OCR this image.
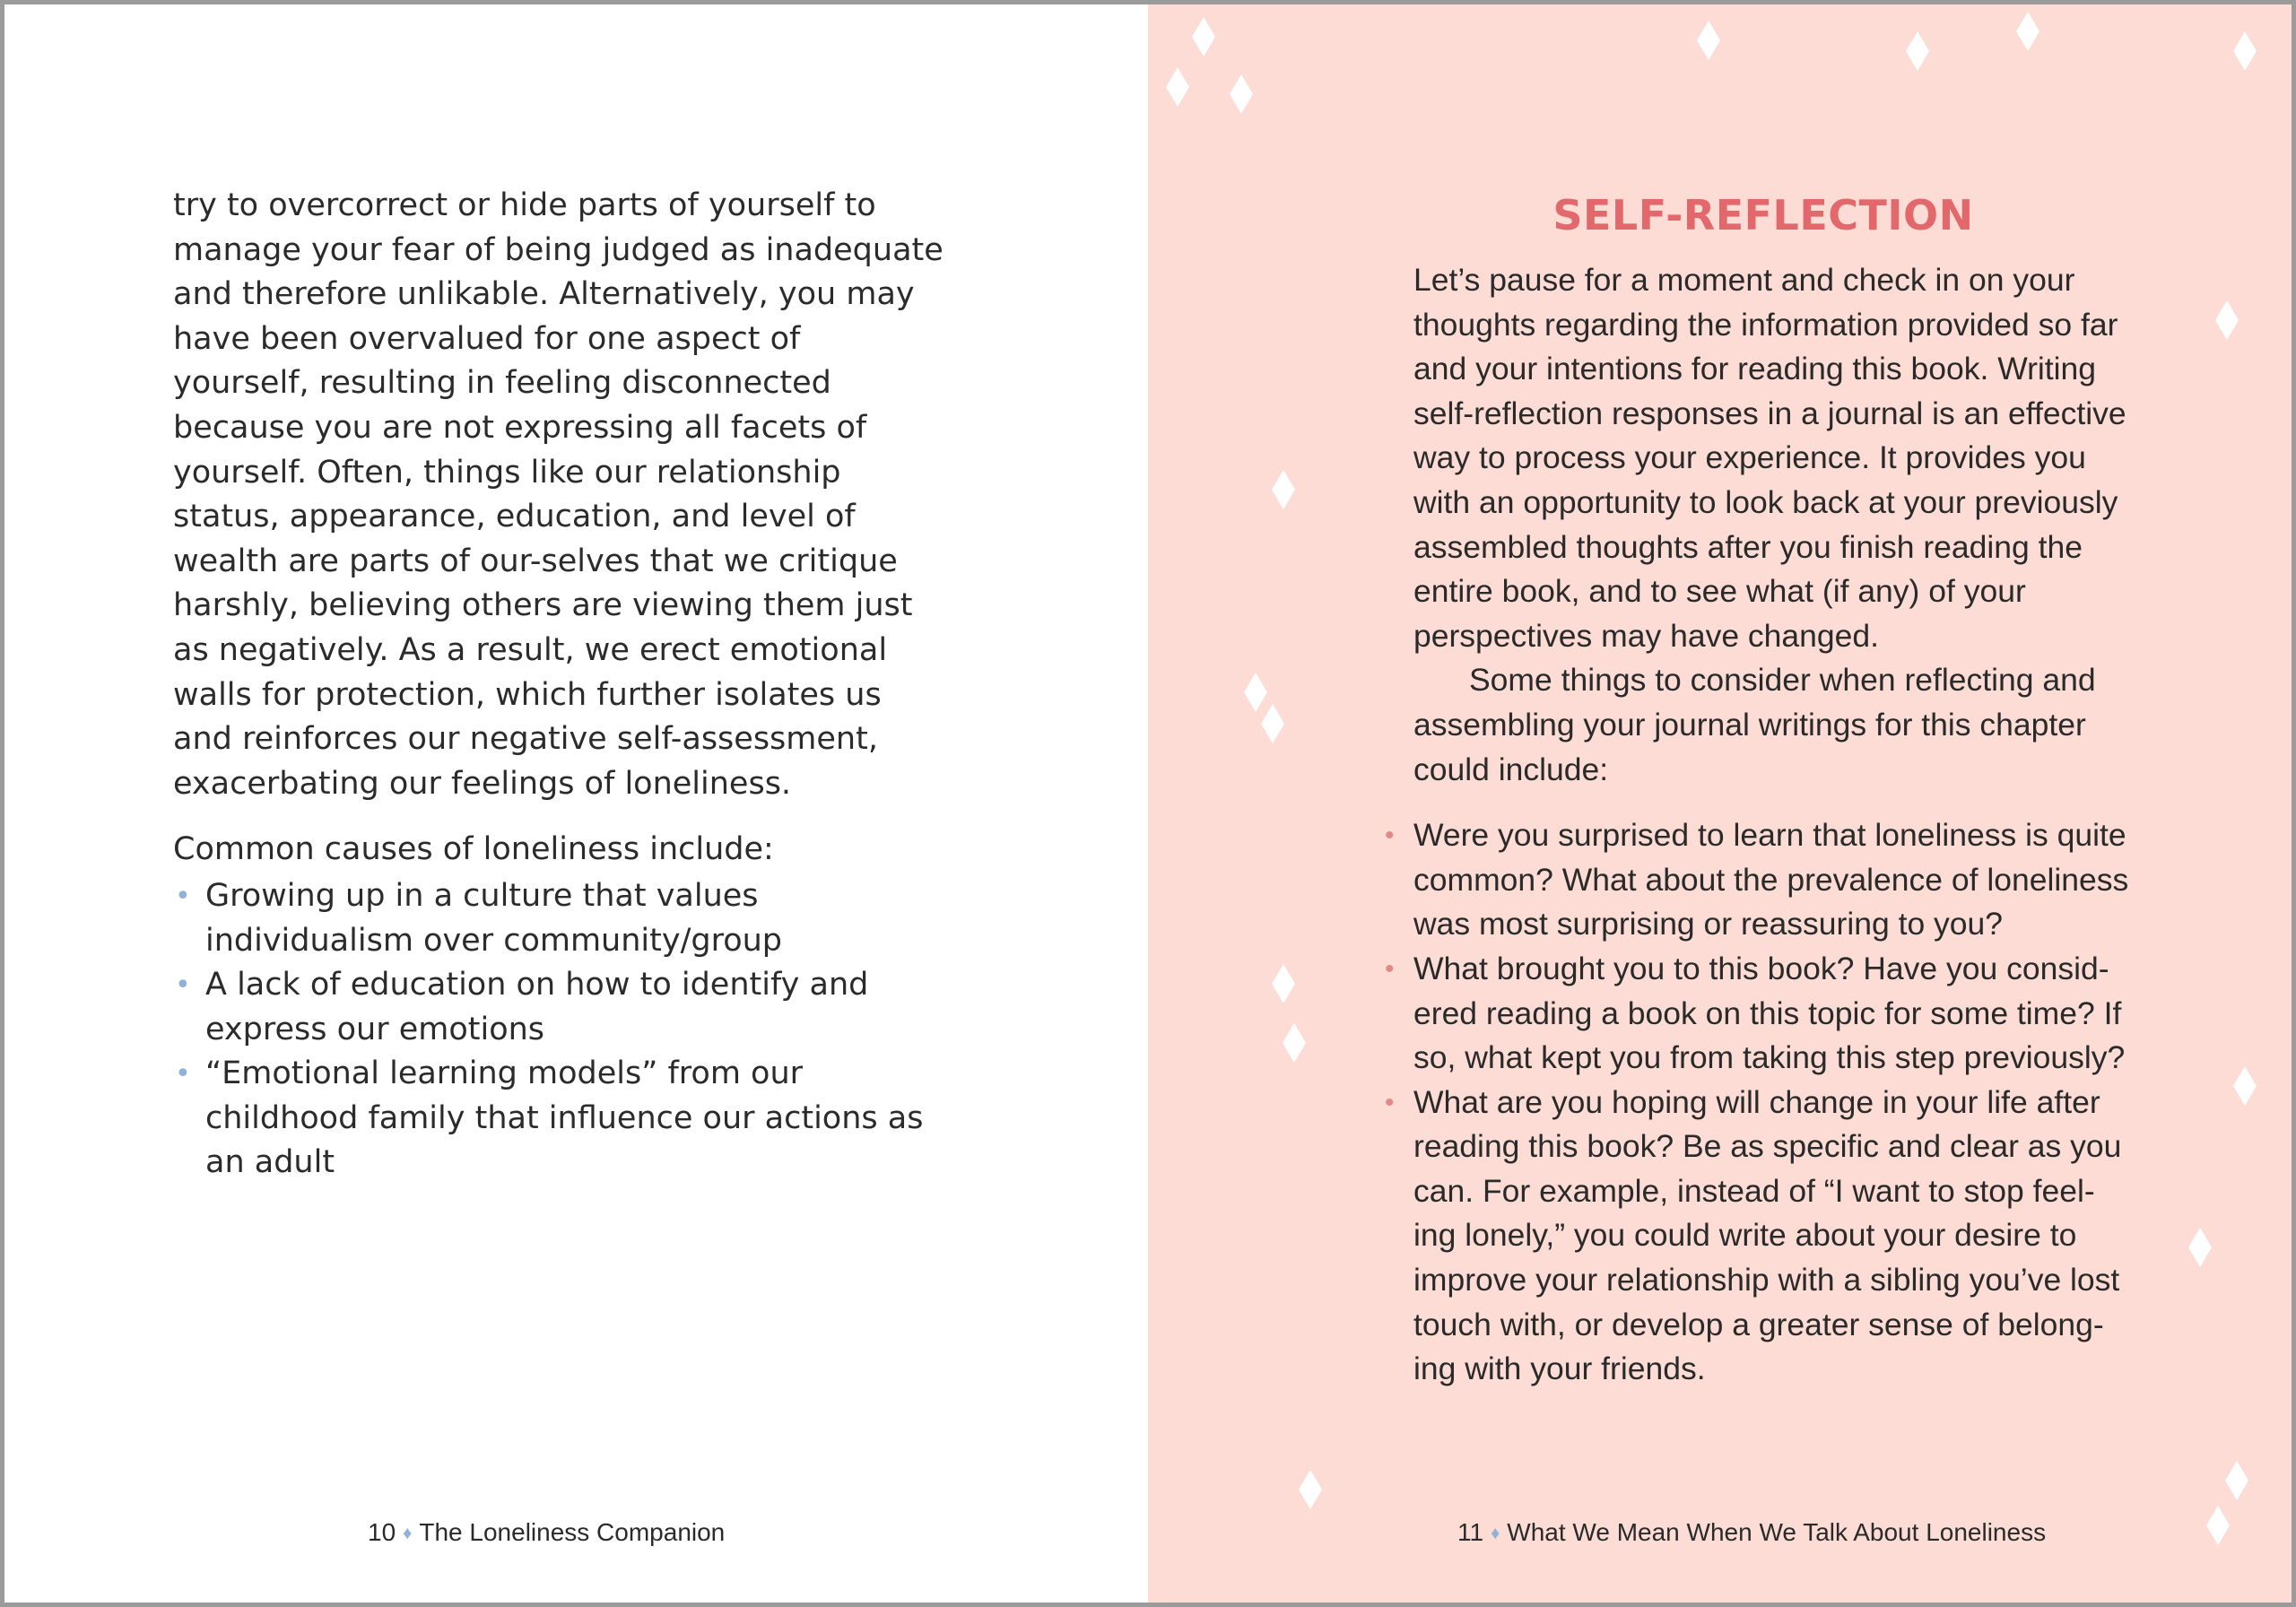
try to overcorrect or hide parts of yourself to manage your fear of being judged as inadequate and therefore unlikable. Alternatively, you may have been overvalued for one aspect of yourself, resulting in feeling disconnected because you are not expressing all facets of yourself. Often, things like our relationship status, appearance, education, and level of wealth are parts of our-selves that we critique harshly, believing others are viewing them just as negatively. As a result, we erect emotional walls for protection, which further isolates us and reinforces our negative self-assessment, exacerbating our feelings of loneliness.

Common causes of loneliness include:

• Growing up in a culture that values individualism over community/group
• A lack of education on how to identify and express our emotions
• “Emotional learning models” from our childhood family that influence our actions as an adult
10 ♦ The Loneliness Companion
SELF-REFLECTION

Let’s pause for a moment and check in on your thoughts regarding the information provided so far and your intentions for reading this book. Writing self-reflection responses in a journal is an effective way to process your experience. It provides you with an opportunity to look back at your previously assembled thoughts after you finish reading the entire book, and to see what (if any) of your perspectives may have changed.

Some things to consider when reflecting and assembling your journal writings for this chapter could include:

• Were you surprised to learn that loneliness is quite common? What about the prevalence of loneliness was most surprising or reassuring to you?
• What brought you to this book? Have you consid-ered reading a book on this topic for some time? If so, what kept you from taking this step previously?
• What are you hoping will change in your life after reading this book? Be as specific and clear as you can. For example, instead of “I want to stop feel-ing lonely,” you could write about your desire to improve your relationship with a sibling you’ve lost touch with, or develop a greater sense of belong-ing with your friends.
11 ♦ What We Mean When We Talk About Loneliness
